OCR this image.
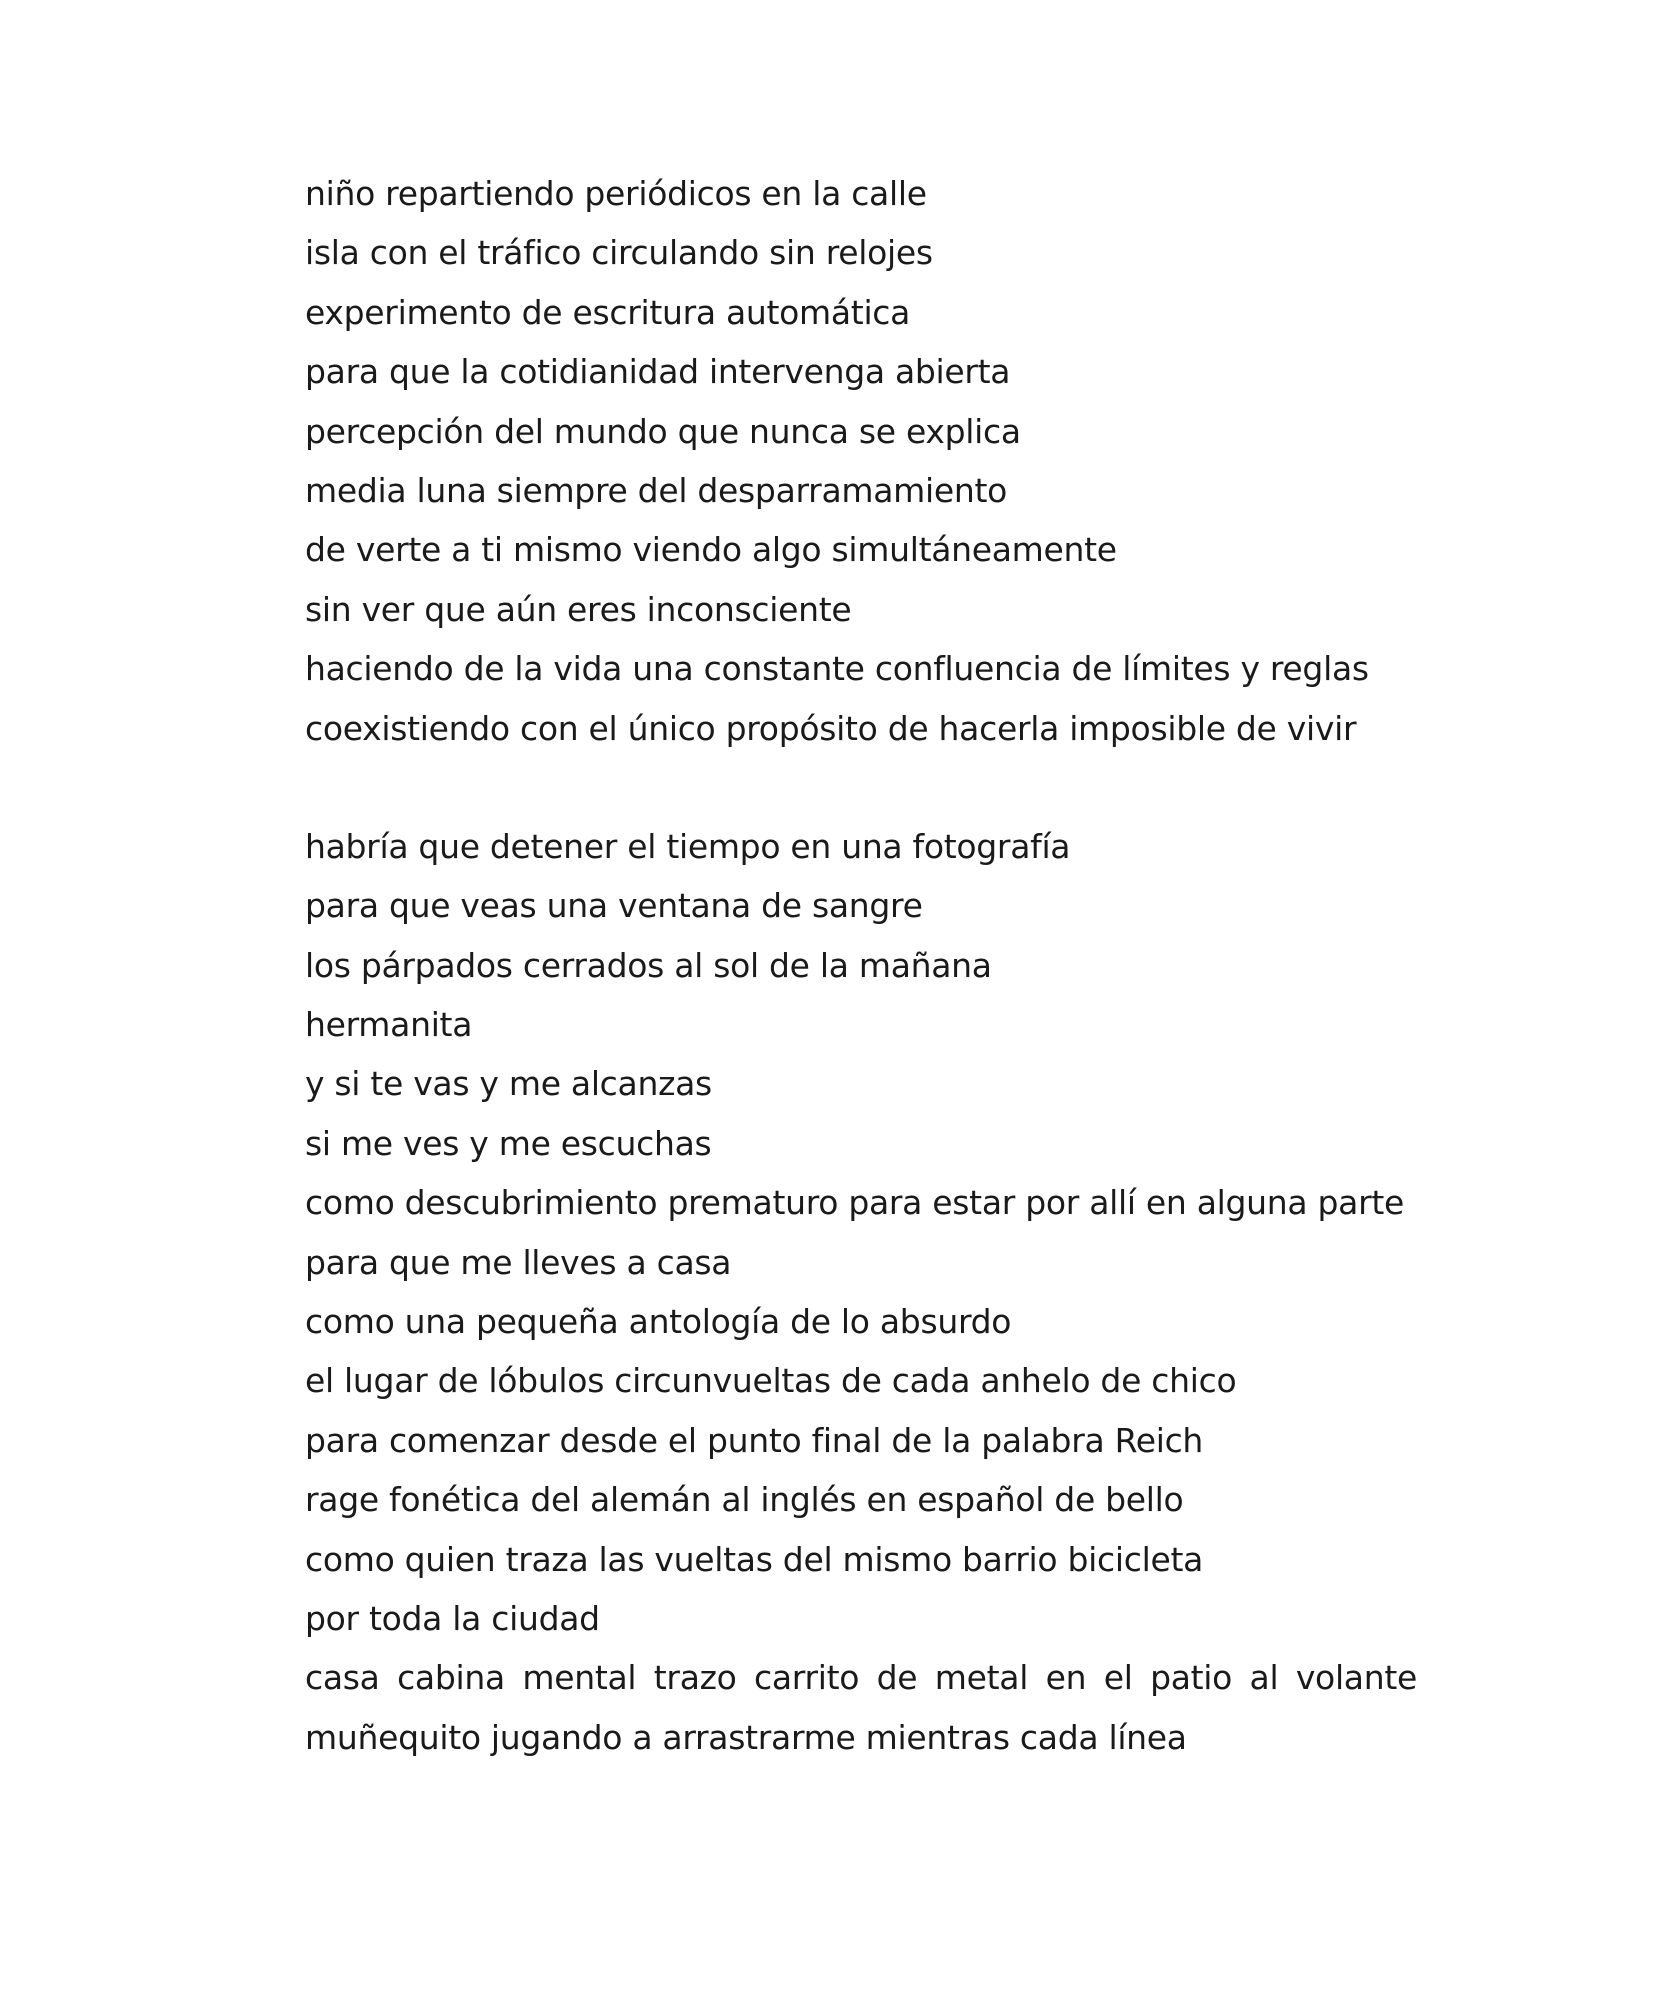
niño repartiendo periódicos en la calle
isla con el tráfico circulando sin relojes
experimento de escritura automática
para que la cotidianidad intervenga abierta
percepción del mundo que nunca se explica
media luna siempre del desparramamiento
de verte a ti mismo viendo algo simultáneamente
sin ver que aún eres inconsciente
haciendo de la vida una constante confluencia de límites y reglas
coexistiendo con el único propósito de hacerla imposible de vivir
habría que detener el tiempo en una fotografía
para que veas una ventana de sangre
los párpados cerrados al sol de la mañana
hermanita
y si te vas y me alcanzas
si me ves y me escuchas
como descubrimiento prematuro para estar por allí en alguna parte
para que me lleves a casa
como una pequeña antología de lo absurdo
el lugar de lóbulos circunvueltas de cada anhelo de chico
para comenzar desde el punto final de la palabra Reich
rage fonética del alemán al inglés en español de bello
como quien traza las vueltas del mismo barrio bicicleta
por toda la ciudad
casa cabina mental trazo carrito de metal en el patio al volante
muñequito jugando a arrastrarme mientras cada línea
